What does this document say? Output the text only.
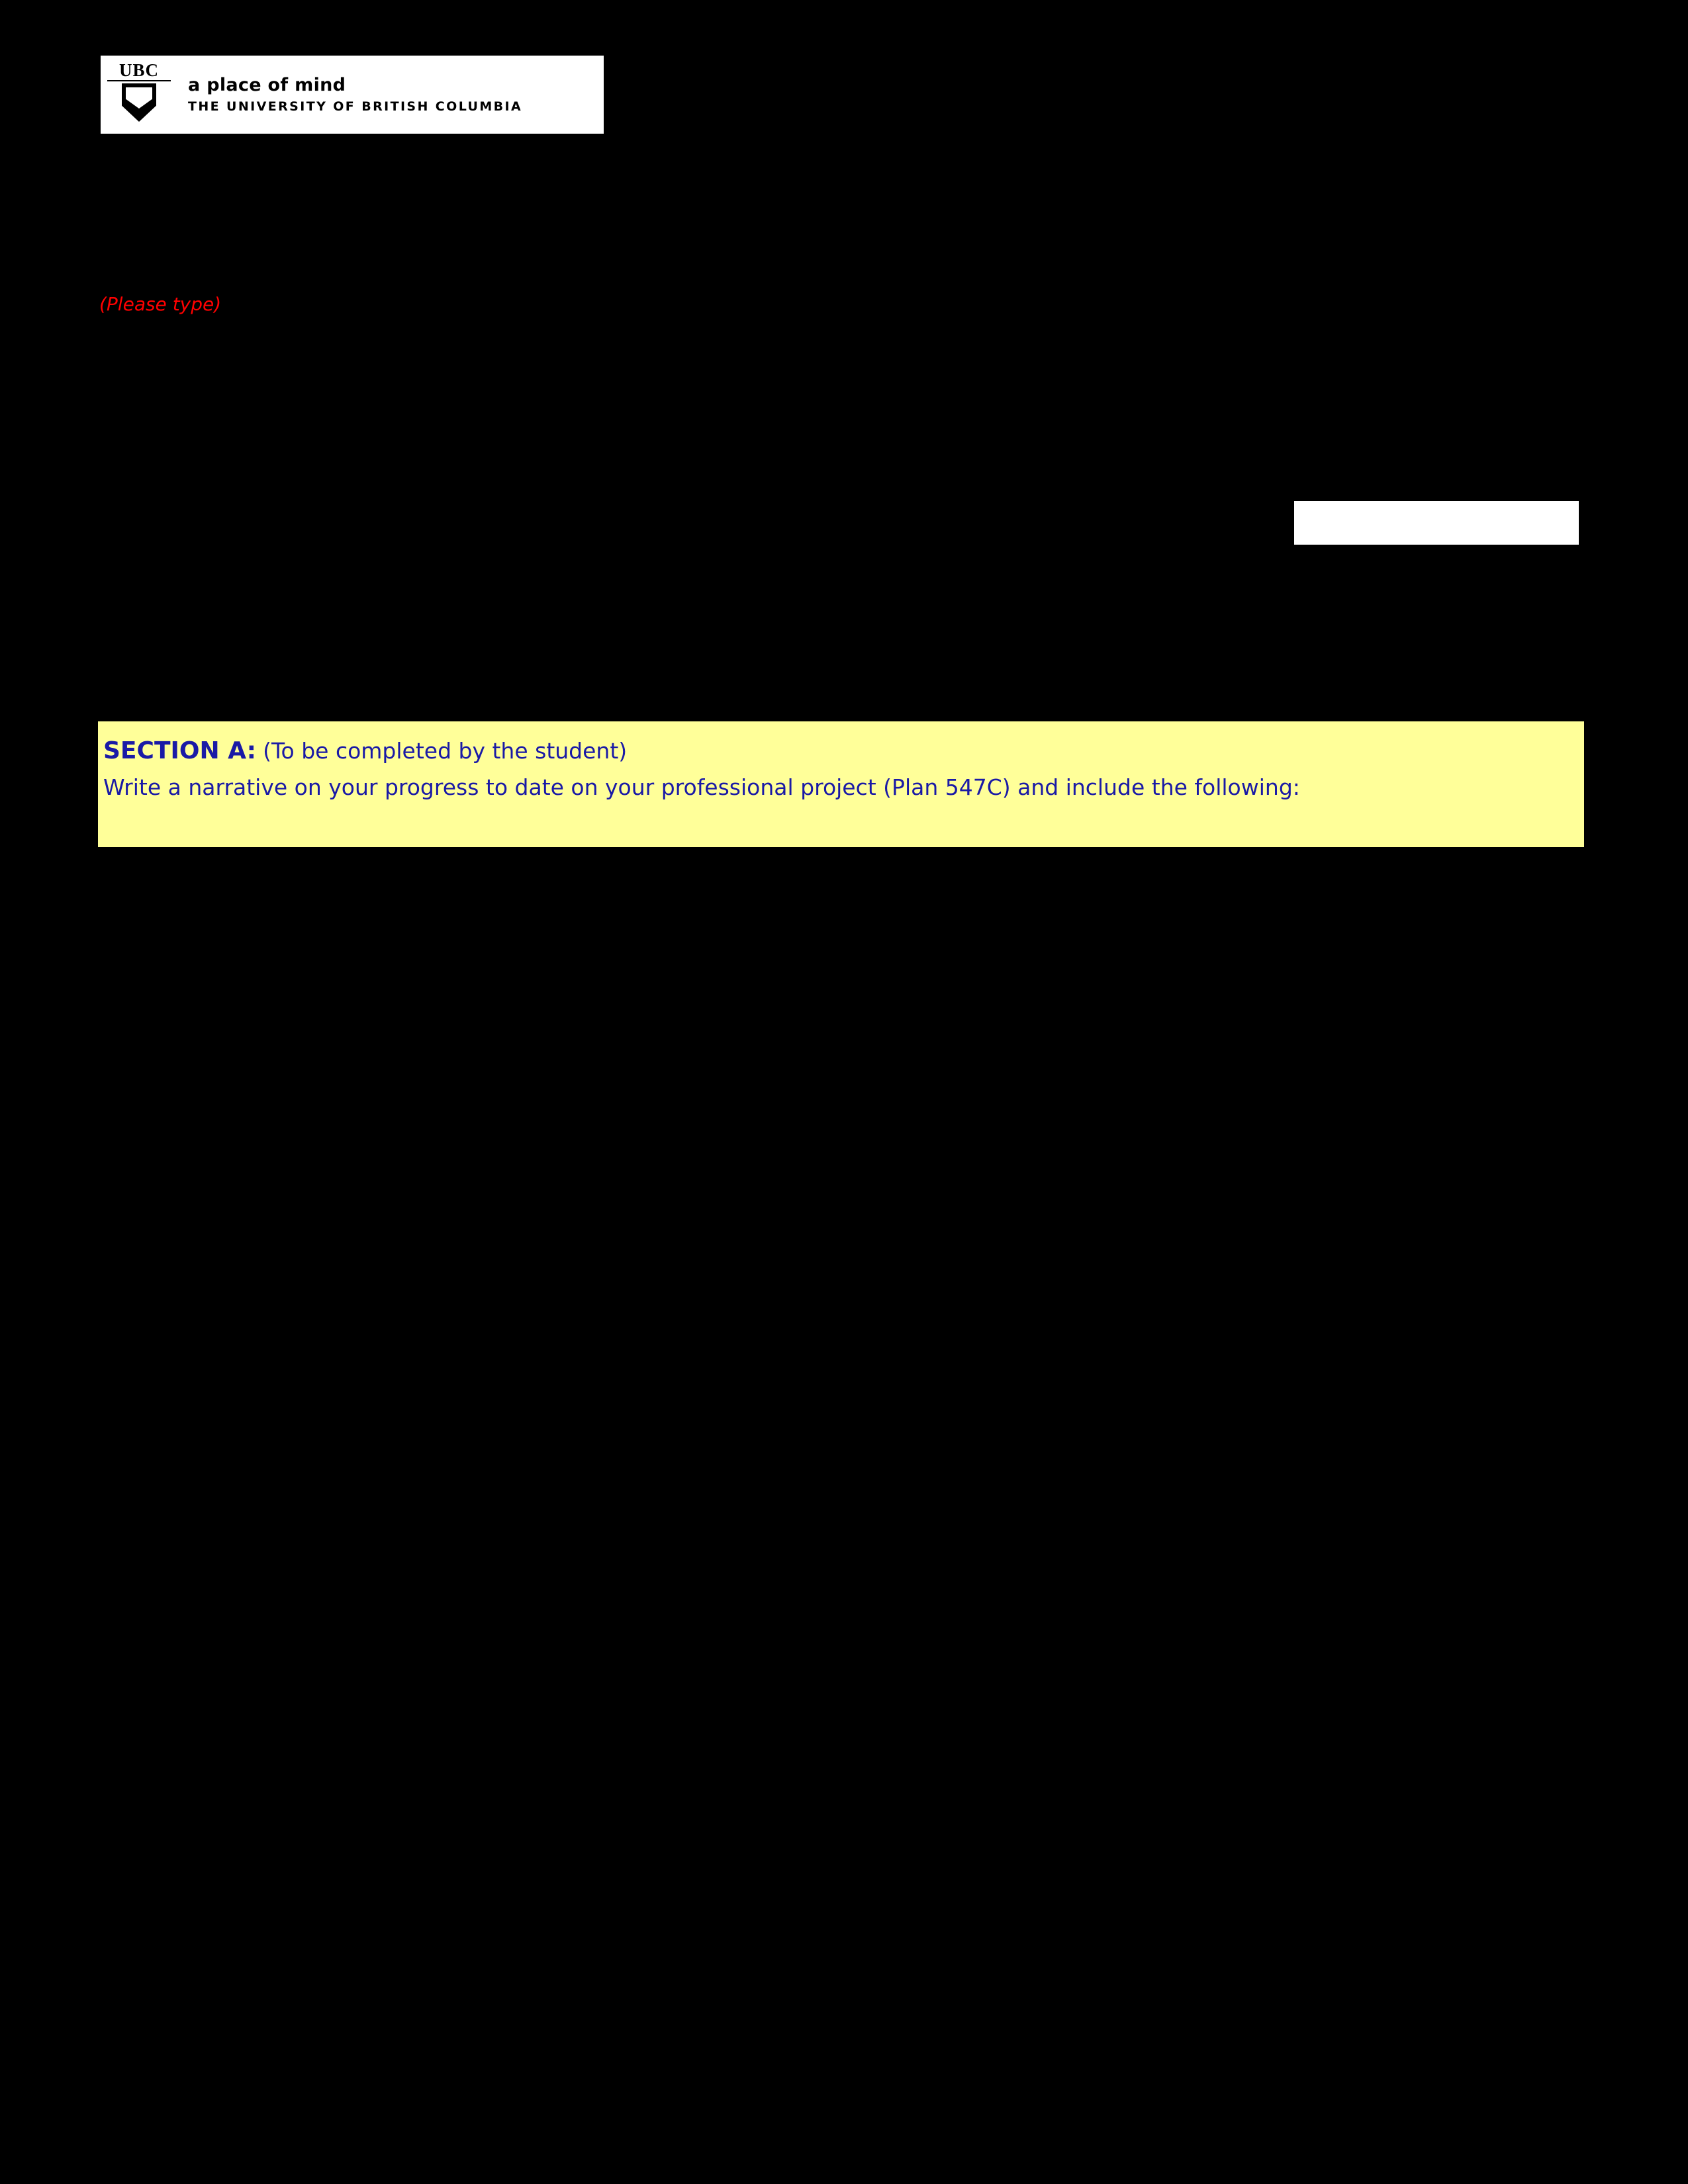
UBC
a place of mind
THE UNIVERSITY OF BRITISH COLUMBIA
(Please type)
SECTION A: (To be completed by the student)
Write a narrative on your progress to date on your professional project (Plan 547C) and include the following:
